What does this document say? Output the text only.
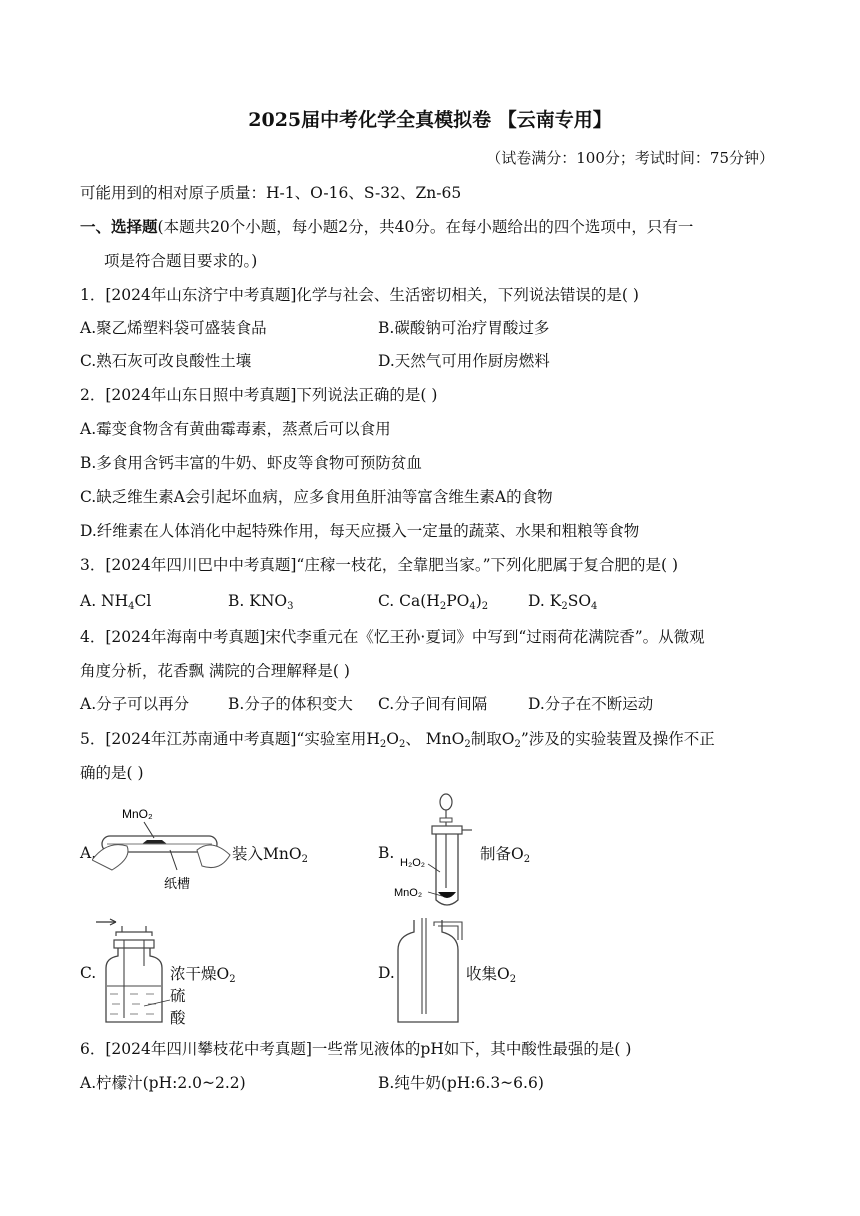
2025届中考化学全真模拟卷 【云南专用】
（试卷满分：100分；考试时间：75分钟）
可能用到的相对原子质量：H-1、O-16、S-32、Zn-65
一、选择题(本题共20个小题，每小题2分，共40分。在每小题给出的四个选项中，只有一
项是符合题目要求的。)
1．[2024年山东济宁中考真题]化学与社会、生活密切相关，下列说法错误的是( )
A.聚乙烯塑料袋可盛装食品	B.碳酸钠可治疗胃酸过多
C.熟石灰可改良酸性土壤	D.天然气可用作厨房燃料
2．[2024年山东日照中考真题]下列说法正确的是( )
A.霉变食物含有黄曲霉毒素，蒸煮后可以食用
B.多食用含钙丰富的牛奶、虾皮等食物可预防贫血
C.缺乏维生素A会引起坏血病，应多食用鱼肝油等富含维生素A的食物
D.纤维素在人体消化中起特殊作用，每天应摄入一定量的蔬菜、水果和粗粮等食物
3．[2024年四川巴中中考真题]“庄稼一枝花，全靠肥当家。”下列化肥属于复合肥的是( )
A. $NH_4Cl$	B. $KNO_3$	C. $Ca(H_2PO_4)_2$	D. $K_2SO_4$
4．[2024年海南中考真题]宋代李重元在《忆王孙·夏词》中写到“过雨荷花满院香”。从微观
角度分析，花香飘 满院的合理解释是( )
A.分子可以再分	B.分子的体积变大 C.分子间有间隔	D.分子在不断运动
5．[2024年江苏南通中考真题]“实验室用$H_2O_2$、 MnO$_2$制取$O_2$”涉及的实验装置及操作不正
确的是( )
A.
MnO₂
纸槽
装入MnO$_2$	B.
H₂O₂
MnO₂
制备$O_2$
C.	浓干燥$O_2$
硫
酸
D.	收集$O_2$
6．[2024年四川攀枝花中考真题]一些常见液体的pH如下，其中酸性最强的是( )
A.柠檬汁(pH:2.0~2.2)	B.纯牛奶(pH:6.3~6.6)
